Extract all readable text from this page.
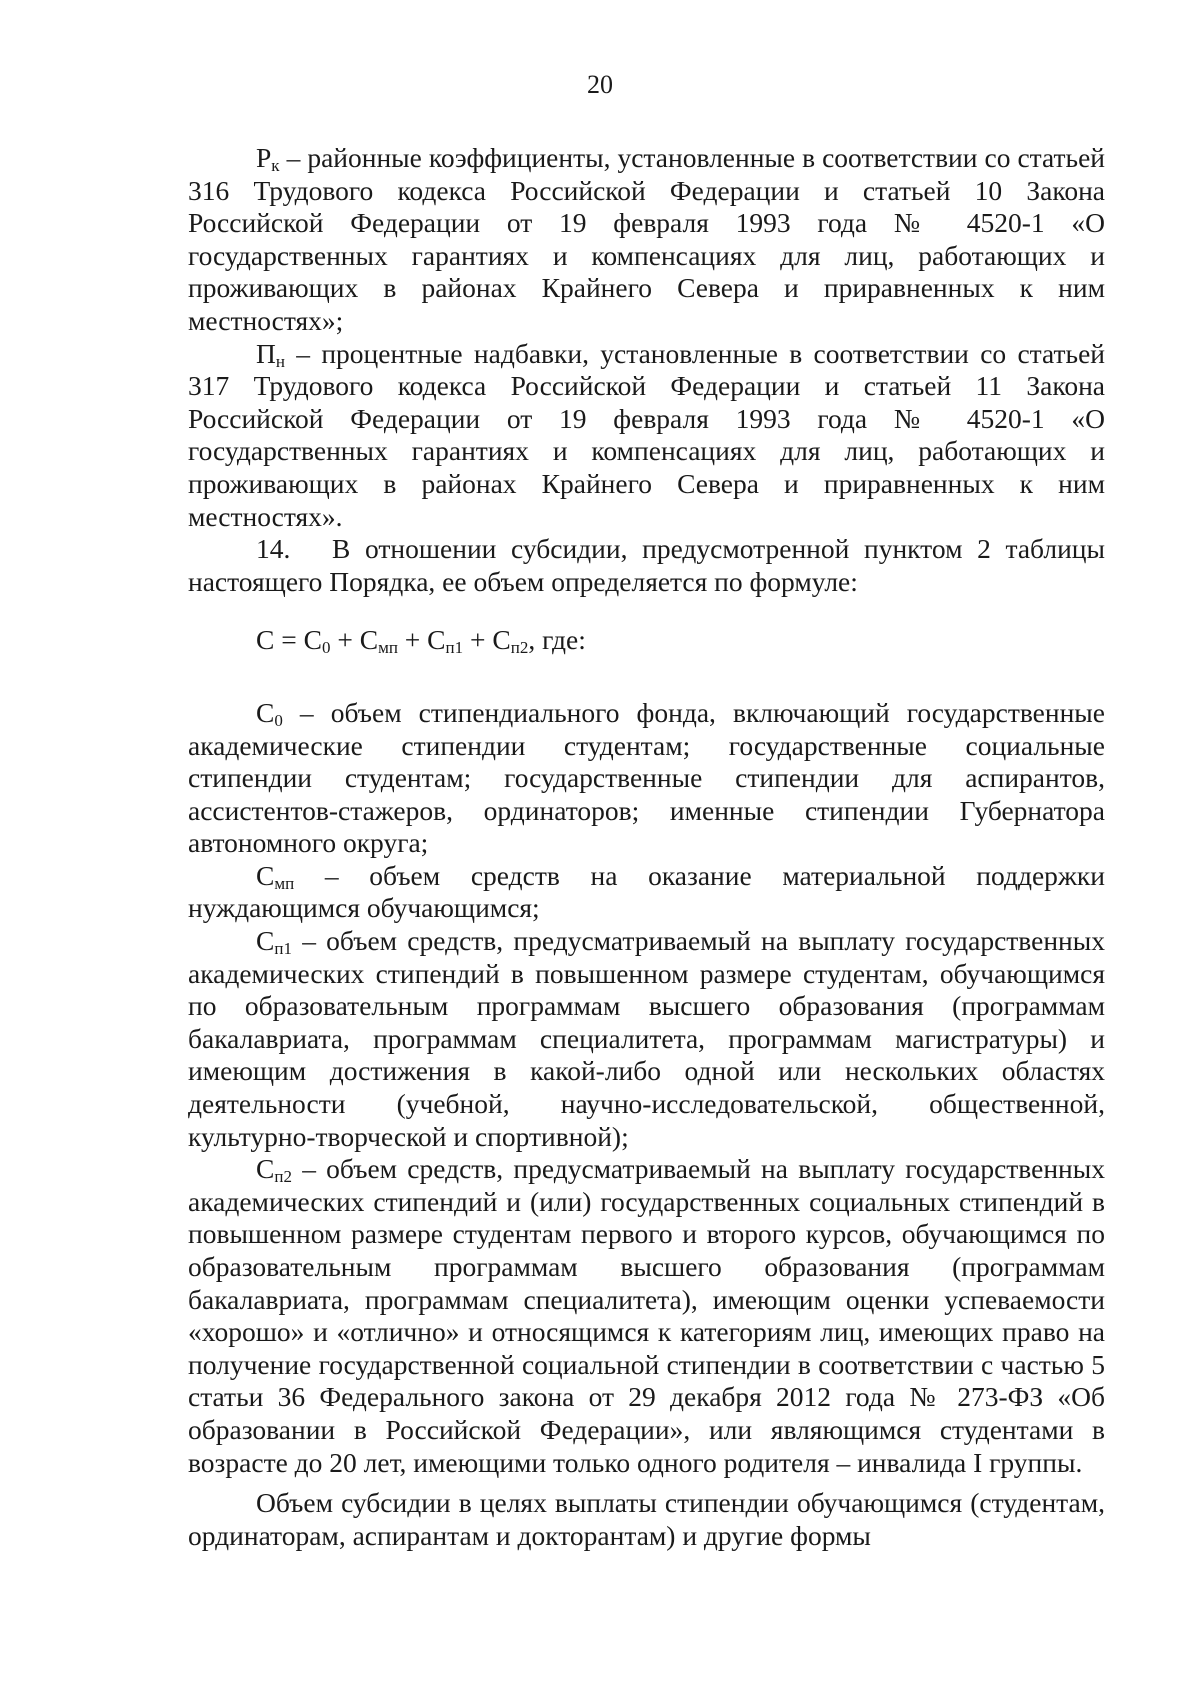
20

$Р_к$ – районные коэффициенты, установленные в соответствии со статьей 316 Трудового кодекса Российской Федерации и статьей 10 Закона Российской Федерации от 19 февраля 1993 года № 4520-1 «О государственных гарантиях и компенсациях для лиц, работающих и проживающих в районах Крайнего Севера и приравненных к ним местностях»;

$П_н$ – процентные надбавки, установленные в соответствии со статьей 317 Трудового кодекса Российской Федерации и статьей 11 Закона Российской Федерации от 19 февраля 1993 года № 4520-1 «О государственных гарантиях и компенсациях для лиц, работающих и проживающих в районах Крайнего Севера и приравненных к ним местностях».

14. В отношении субсидии, предусмотренной пунктом 2 таблицы настоящего Порядка, ее объем определяется по формуле:

$С = С_0 + С_{мп} + С_{п1} + С_{п2}$, где:

$С_0$ – объем стипендиального фонда, включающий государственные академические стипендии студентам; государственные социальные стипендии студентам; государственные стипендии для аспирантов, ассистентов-стажеров, ординаторов; именные стипендии Губернатора автономного округа;

$С_{мп}$ – объем средств на оказание материальной поддержки нуждающимся обучающимся;

$С_{п1}$ – объем средств, предусматриваемый на выплату государственных академических стипендий в повышенном размере студентам, обучающимся по образовательным программам высшего образования (программам бакалавриата, программам специалитета, программам магистратуры) и имеющим достижения в какой-либо одной или нескольких областях деятельности (учебной, научно-исследовательской, общественной, культурно-творческой и спортивной);

$С_{п2}$ – объем средств, предусматриваемый на выплату государственных академических стипендий и (или) государственных социальных стипендий в повышенном размере студентам первого и второго курсов, обучающимся по образовательным программам высшего образования (программам бакалавриата, программам специалитета), имеющим оценки успеваемости «хорошо» и «отлично» и относящимся к категориям лиц, имеющих право на получение государственной социальной стипендии в соответствии с частью 5 статьи 36 Федерального закона от 29 декабря 2012 года № 273-ФЗ «Об образовании в Российской Федерации», или являющимся студентами в возрасте до 20 лет, имеющими только одного родителя – инвалида I группы.

Объем субсидии в целях выплаты стипендии обучающимся (студентам, ординаторам, аспирантам и докторантам) и другие формы
